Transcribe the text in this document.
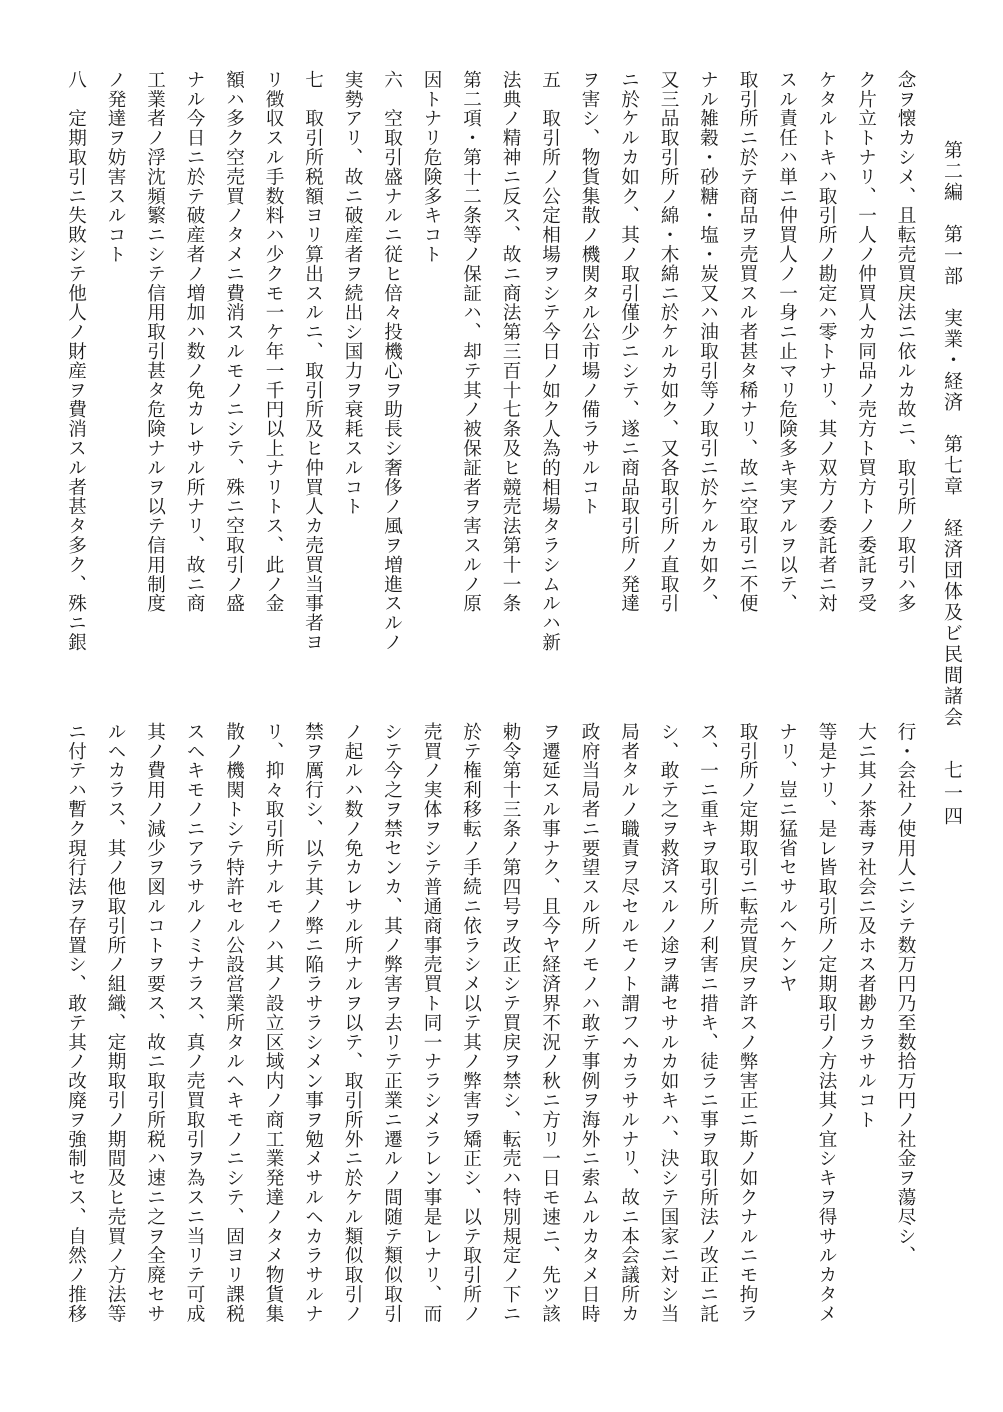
第二編　第一部　実業・経済　第七章　経済団体及ビ民間諸会
七一四
念ヲ懐カシメ、且転売買戻法ニ依ルカ故ニ、取引所ノ取引ハ多
ク片立トナリ、一人ノ仲買人カ同品ノ売方ト買方トノ委託ヲ受
ケタルトキハ取引所ノ勘定ハ零トナリ、其ノ双方ノ委託者ニ対
スル責任ハ単ニ仲買人ノ一身ニ止マリ危険多キ実アルヲ以テ、
取引所ニ於テ商品ヲ売買スル者甚タ稀ナリ、故ニ空取引ニ不便
ナル雑穀・砂糖・塩・炭又ハ油取引等ノ取引ニ於ケルカ如ク、
又三品取引所ノ綿・木綿ニ於ケルカ如ク、又各取引所ノ直取引
ニ於ケルカ如ク、其ノ取引僅少ニシテ、遂ニ商品取引所ノ発達
ヲ害シ、物貨集散ノ機関タル公市場ノ備ラサルコト
五　取引所ノ公定相場ヲシテ今日ノ如ク人為的相場タラシムルハ新
法典ノ精神ニ反ス、故ニ商法第三百十七条及ヒ競売法第十一条
第二項・第十二条等ノ保証ハ、却テ其ノ被保証者ヲ害スルノ原
因トナリ危険多キコト
六　空取引盛ナルニ従ヒ倍々投機心ヲ助長シ奢侈ノ風ヲ増進スルノ
実勢アリ、故ニ破産者ヲ続出シ国力ヲ衰耗スルコト
七　取引所税額ヨリ算出スルニ、取引所及ヒ仲買人カ売買当事者ヨ
リ徴収スル手数料ハ少クモ一ケ年一千円以上ナリトス、此ノ金
額ハ多ク空売買ノタメニ費消スルモノニシテ、殊ニ空取引ノ盛
ナル今日ニ於テ破産者ノ増加ハ数ノ免カレサル所ナリ、故ニ商
工業者ノ浮沈頻繁ニシテ信用取引甚タ危険ナルヲ以テ信用制度
ノ発達ヲ妨害スルコト
八　定期取引ニ失敗シテ他人ノ財産ヲ費消スル者甚タ多ク、殊ニ銀
行・会社ノ使用人ニシテ数万円乃至数拾万円ノ社金ヲ蕩尽シ、
大ニ其ノ茶毒ヲ社会ニ及ホス者尠カラサルコト
等是ナリ、是レ皆取引所ノ定期取引ノ方法其ノ宜シキヲ得サルカタメ
ナリ、豈ニ猛省セサルヘケンヤ
取引所ノ定期取引ニ転売買戻ヲ許スノ弊害正ニ斯ノ如クナルニモ拘ラ
ス、一ニ重キヲ取引所ノ利害ニ措キ、徒ラニ事ヲ取引所法ノ改正ニ託
シ、敢テ之ヲ救済スルノ途ヲ講セサルカ如キハ、決シテ国家ニ対シ当
局者タルノ職責ヲ尽セルモノト謂フヘカラサルナリ、故ニ本会議所カ
政府当局者ニ要望スル所ノモノハ敢テ事例ヲ海外ニ索ムルカタメ日時
ヲ遷延スル事ナク、且今ヤ経済界不況ノ秋ニ方リ一日モ速ニ、先ツ該
勅令第十三条ノ第四号ヲ改正シテ買戻ヲ禁シ、転売ハ特別規定ノ下ニ
於テ権利移転ノ手続ニ依ラシメ以テ其ノ弊害ヲ矯正シ、以テ取引所ノ
売買ノ実体ヲシテ普通商事売買ト同一ナラシメラレン事是レナリ、而
シテ今之ヲ禁センカ、其ノ弊害ヲ去リテ正業ニ遷ルノ間随テ類似取引
ノ起ルハ数ノ免カレサル所ナルヲ以テ、取引所外ニ於ケル類似取引ノ
禁ヲ厲行シ、以テ其ノ弊ニ陥ラサラシメン事ヲ勉メサルヘカラサルナ
リ、抑々取引所ナルモノハ其ノ設立区域内ノ商工業発達ノタメ物貨集
散ノ機関トシテ特許セル公設営業所タルヘキモノニシテ、固ヨリ課税
スヘキモノニアラサルノミナラス、真ノ売買取引ヲ為スニ当リテ可成
其ノ費用ノ減少ヲ図ルコトヲ要ス、故ニ取引所税ハ速ニ之ヲ全廃セサ
ルヘカラス、其ノ他取引所ノ組織、定期取引ノ期間及ヒ売買ノ方法等
ニ付テハ暫ク現行法ヲ存置シ、敢テ其ノ改廃ヲ強制セス、自然ノ推移
